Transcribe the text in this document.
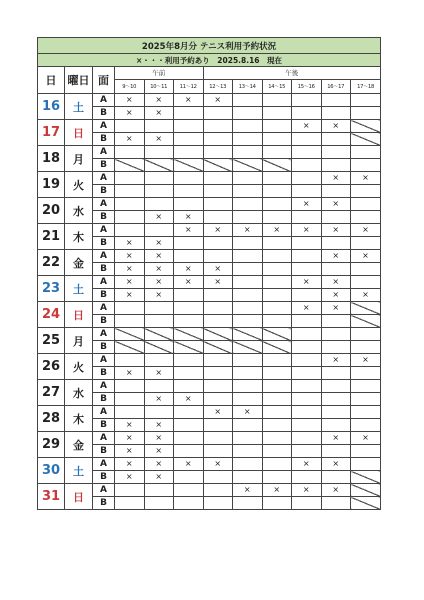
2025年8月分 テニス利用予約状況											
×・・・利用予約あり　2025.8.16　現在											
日	曜日	面	午前			午後					
			9～10	10～11	11～12	12～13	13～14	14～15	15～16	16～17	17～18
16	土	A	×	×	×	×					
		B	×	×							
17	日	A							×	×	
		B	×	×							
18	月	A									
		B									
19	火	A								×	×
		B									
20	水	A							×	×	
		B		×	×						
21	木	A			×	×	×	×	×	×	×
		B	×	×							
22	金	A	×	×						×	×
		B	×	×	×	×					
23	土	A	×	×	×	×			×	×	
		B	×	×						×	×
24	日	A							×	×	
		B									
25	月	A									
		B									
26	火	A								×	×
		B	×	×							
27	水	A									
		B		×	×						
28	木	A				×	×				
		B	×	×							
29	金	A	×	×						×	×
		B	×	×							
30	土	A	×	×	×	×			×	×	
		B	×	×							
31	日	A					×	×	×	×	
		B									
